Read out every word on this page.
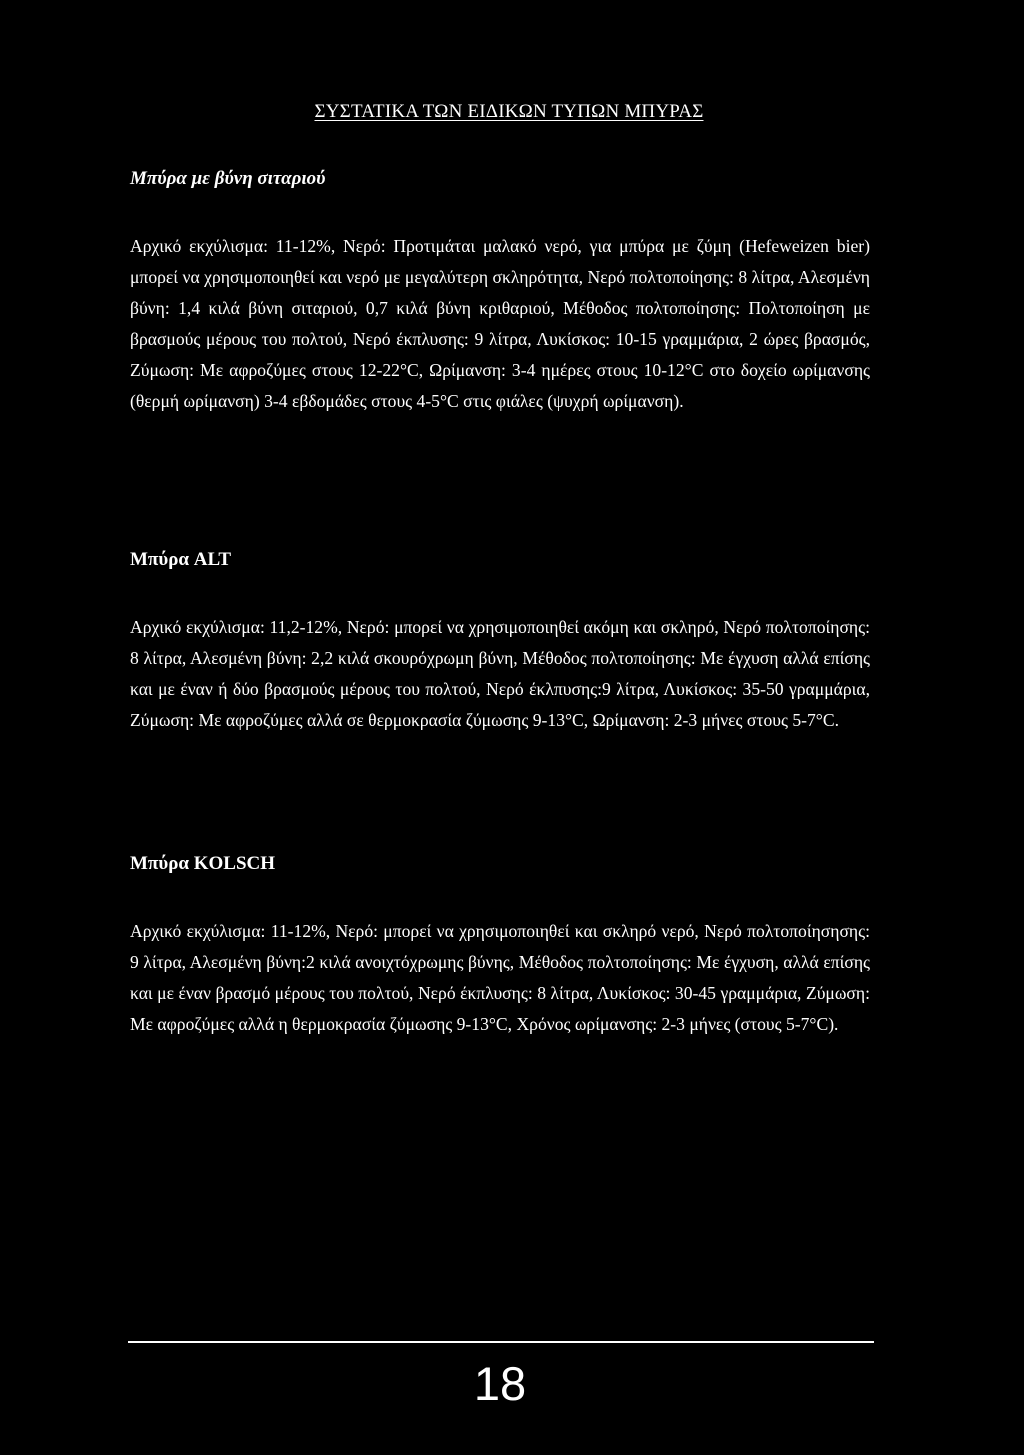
ΣΥΣΤΑΤΙΚΑ ΤΩΝ ΕΙΔΙΚΩΝ ΤΥΠΩΝ ΜΠΥΡΑΣ
Μπύρα με βύνη σιταριού

Αρχικό εκχύλισμα: 11-12%, Νερό: Προτιμάται μαλακό νερό, για μπύρα με ζύμη (Hefeweizen bier) μπορεί να χρησιμοποιηθεί και νερό με μεγαλύτερη σκληρότητα, Νερό πολτοποίησης: 8 λίτρα, Αλεσμένη βύνη: 1,4 κιλά βύνη σιταριού, 0,7 κιλά βύνη κριθαριού, Μέθοδος πολτοποίησης: Πολτοποίηση με βρασμούς μέρους του πολτού, Νερό έκπλυσης: 9 λίτρα, Λυκίσκος: 10-15 γραμμάρια, 2 ώρες βρασμός, Ζύμωση: Με αφροζύμες στους 12-22°C, Ωρίμανση: 3-4 ημέρες στους 10-12°C στο δοχείο ωρίμανσης (θερμή ωρίμανση) 3-4 εβδομάδες στους 4-5°C στις φιάλες (ψυχρή ωρίμανση).

Μπύρα ALT

Αρχικό εκχύλισμα: 11,2-12%, Νερό: μπορεί να χρησιμοποιηθεί ακόμη και σκληρό, Νερό πολτοποίησης: 8 λίτρα, Αλεσμένη βύνη: 2,2 κιλά σκουρόχρωμη βύνη, Μέθοδος πολτοποίησης: Με έγχυση αλλά επίσης και με έναν ή δύο βρασμούς μέρους του πολτού, Νερό έκλπυσης:9 λίτρα, Λυκίσκος: 35-50 γραμμάρια, Ζύμωση: Με αφροζύμες αλλά σε θερμοκρασία ζύμωσης 9-13°C, Ωρίμανση: 2-3 μήνες στους 5-7°C.

Μπύρα KOLSCH

Αρχικό εκχύλισμα: 11-12%, Νερό: μπορεί να χρησιμοποιηθεί και σκληρό νερό, Νερό πολτοποίησησης: 9 λίτρα, Αλεσμένη βύνη:2 κιλά ανοιχτόχρωμης βύνης, Μέθοδος πολτοποίησης: Με έγχυση, αλλά επίσης και με έναν βρασμό μέρους του πολτού, Νερό έκπλυσης: 8 λίτρα, Λυκίσκος: 30-45 γραμμάρια, Ζύμωση: Με αφροζύμες αλλά η θερμοκρασία ζύμωσης 9-13°C, Χρόνος ωρίμανσης: 2-3 μήνες (στους 5-7°C).

18
